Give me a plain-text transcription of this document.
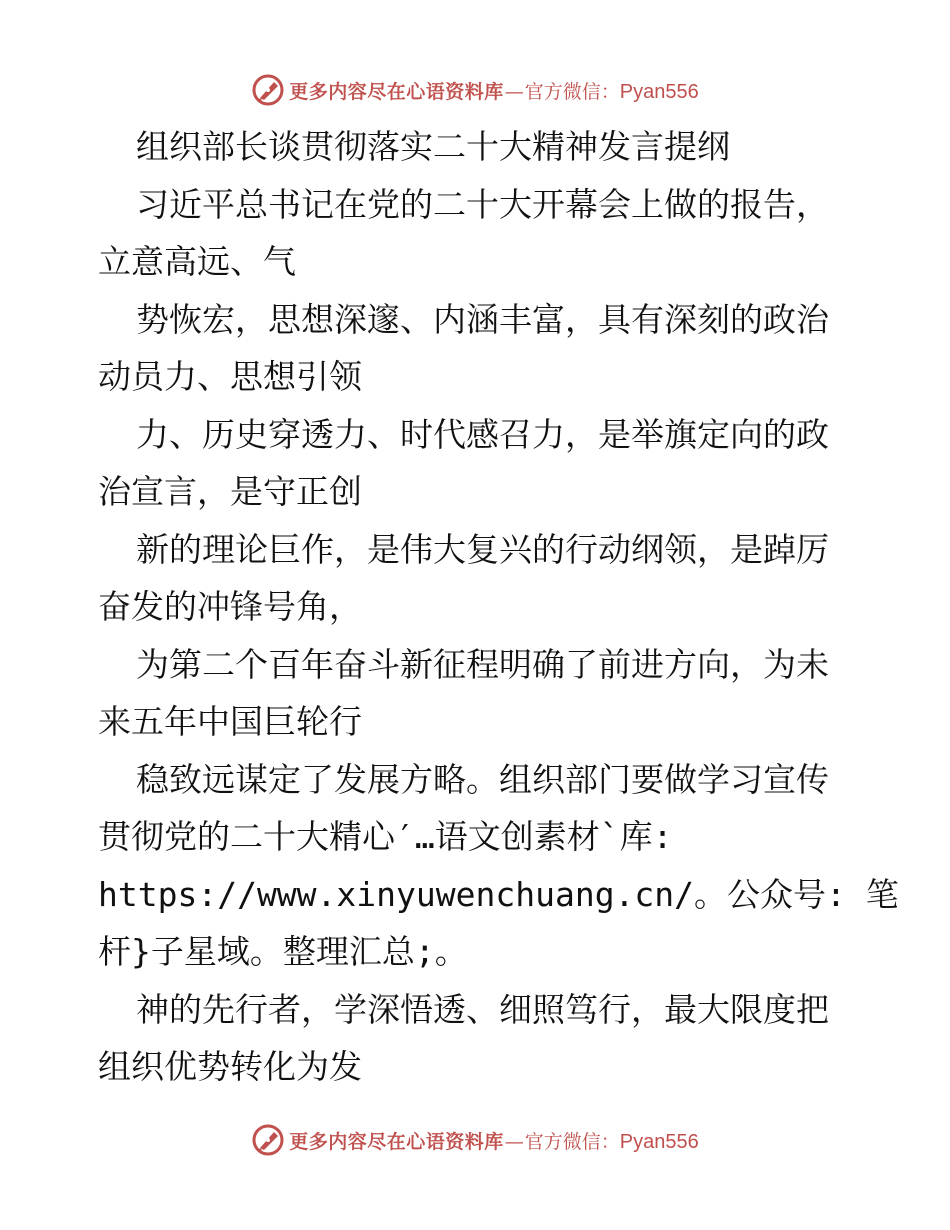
更多内容尽在心语资料库 — 官方微信： Pyan556

组织部长谈贯彻落实二十大精神发言提纲

习近平总书记在党的二十大开幕会上做的报告，

立意高远、气

势恢宏，思想深邃、内涵丰富，具有深刻的政治

动员力、思想引领

力、历史穿透力、时代感召力，是举旗定向的政

治宣言，是守正创

新的理论巨作，是伟大复兴的行动纲领，是踔厉

奋发的冲锋号角，

为第二个百年奋斗新征程明确了前进方向，为未

来五年中国巨轮行

稳致远谋定了发展方略。组织部门要做学习宣传

贯彻党的二十大精心′…语文创素材`库:

https://www.xinyuwenchuang.cn/。公众号: 笔

杆}子星域。整理汇总;。

神的先行者，学深悟透、细照笃行，最大限度把

组织优势转化为发

更多内容尽在心语资料库 — 官方微信： Pyan556
